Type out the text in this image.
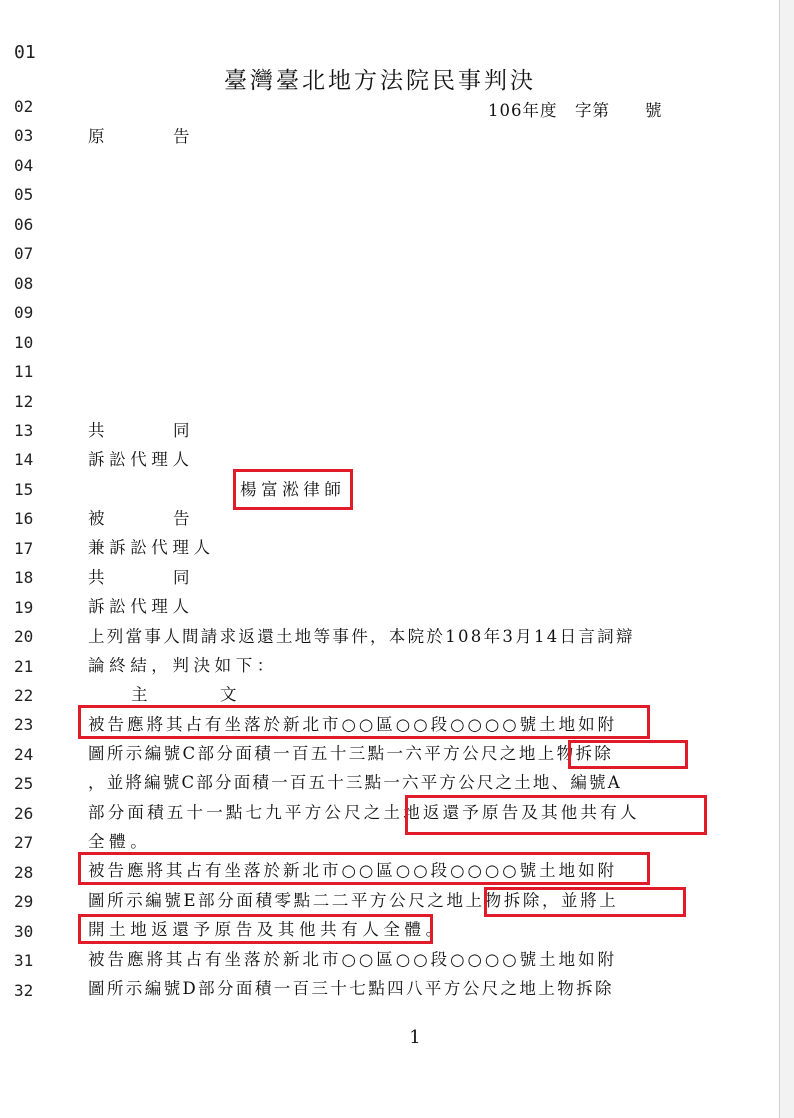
01
臺灣臺北地方法院民事判決
106年度　字第　　號
02
03
04
05
06
07
08
09
10
11
12
13
14
15
16
17
18
19
20
21
22
23
24
25
26
27
28
29
30
31
32
原	告
共	同
訴訟代理人
楊富淞律師
被	告
兼訴訟代理人
共	同
訴訟代理人
上列當事人間請求返還土地等事件，本院於108年3月14日言詞辯
論終結，判決如下：
主	文
被告應將其占有坐落於新北市○○區○○段○○○○號土地如附
圖所示編號C部分面積一百五十三點一六平方公尺之地上物拆除
，並將編號C部分面積一百五十三點一六平方公尺之土地、編號A
部分面積五十一點七九平方公尺之土地返還予原告及其他共有人
全體。
被告應將其占有坐落於新北市○○區○○段○○○○號土地如附
圖所示編號E部分面積零點二二平方公尺之地上物拆除，並將上
開土地返還予原告及其他共有人全體。
被告應將其占有坐落於新北市○○區○○段○○○○號土地如附
圖所示編號D部分面積一百三十七點四八平方公尺之地上物拆除
1
